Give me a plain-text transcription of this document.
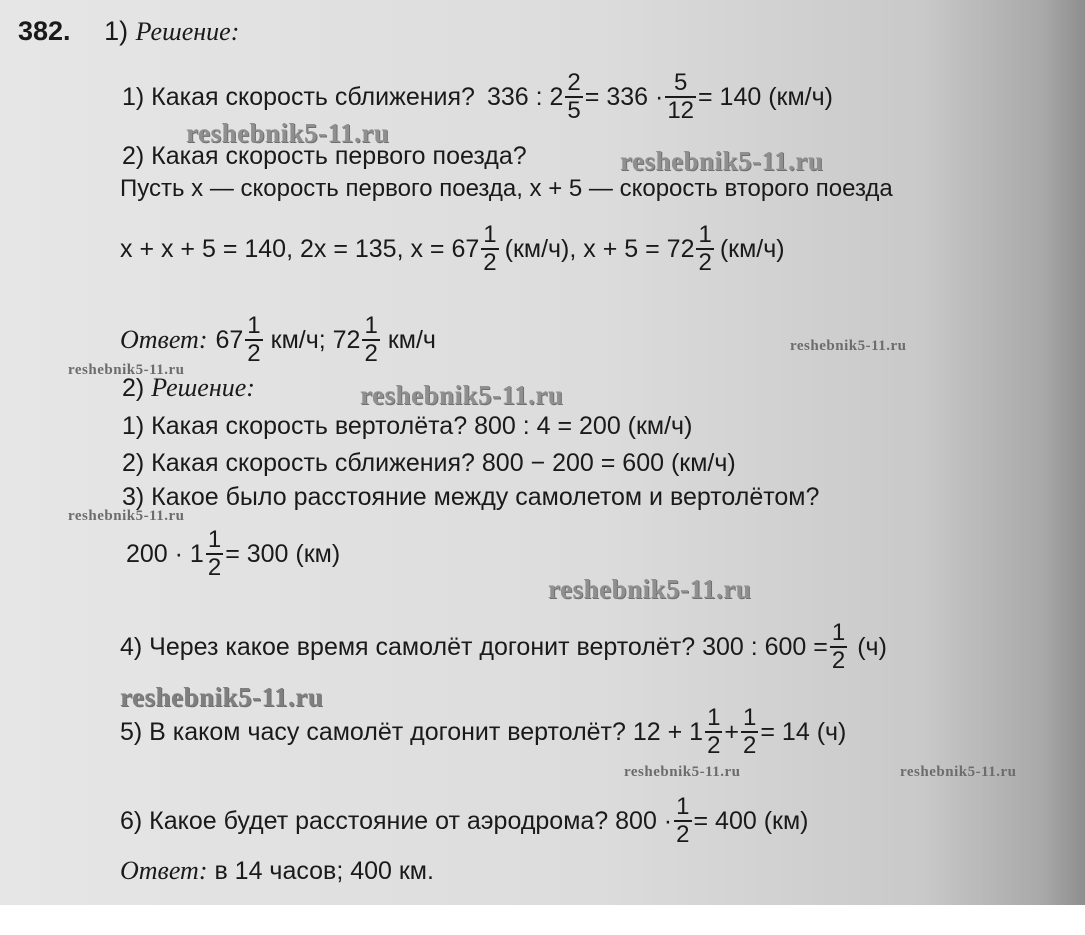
382. 1) Решение:
1) Какая скорость сближения? 336 : 2
2
5 = 336 ·
5
12 = 140 (км/ч)
2) Какая скорость первого поезда?
Пусть x — скорость первого поезда, x + 5 — скорость второго поезда
x + x + 5 = 140, 2x = 135, x = 67
1
2 (км/ч), x + 5 = 72
1
2 (км/ч)
Ответ: 67
1
2 км/ч; 72
1
2 км/ч
2) Решение:
1) Какая скорость вертолёта? 800 : 4 = 200 (км/ч)
2) Какая скорость сближения? 800 − 200 = 600 (км/ч)
3) Какое было расстояние между самолетом и вертолётом?
200 · 1
1
2 = 300 (км)
4) Через какое время самолёт догонит вертолёт? 300 : 600 =
1
2 (ч)
5) В каком часу самолёт догонит вертолёт? 12 + 1
1
2 +
1
2 = 14 (ч)
6) Какое будет расстояние от аэродрома? 800 ·
1
2 = 400 (км)
Ответ: в 14 часов; 400 км.
reshebnik5-11.ru
reshebnik5-11.ru
reshebnik5-11.ru
reshebnik5-11.ru
reshebnik5-11.ru
reshebnik5-11.ru
reshebnik5-11.ru
reshebnik5-11.ru
reshebnik5-11.ru	reshebnik5-11.ru
